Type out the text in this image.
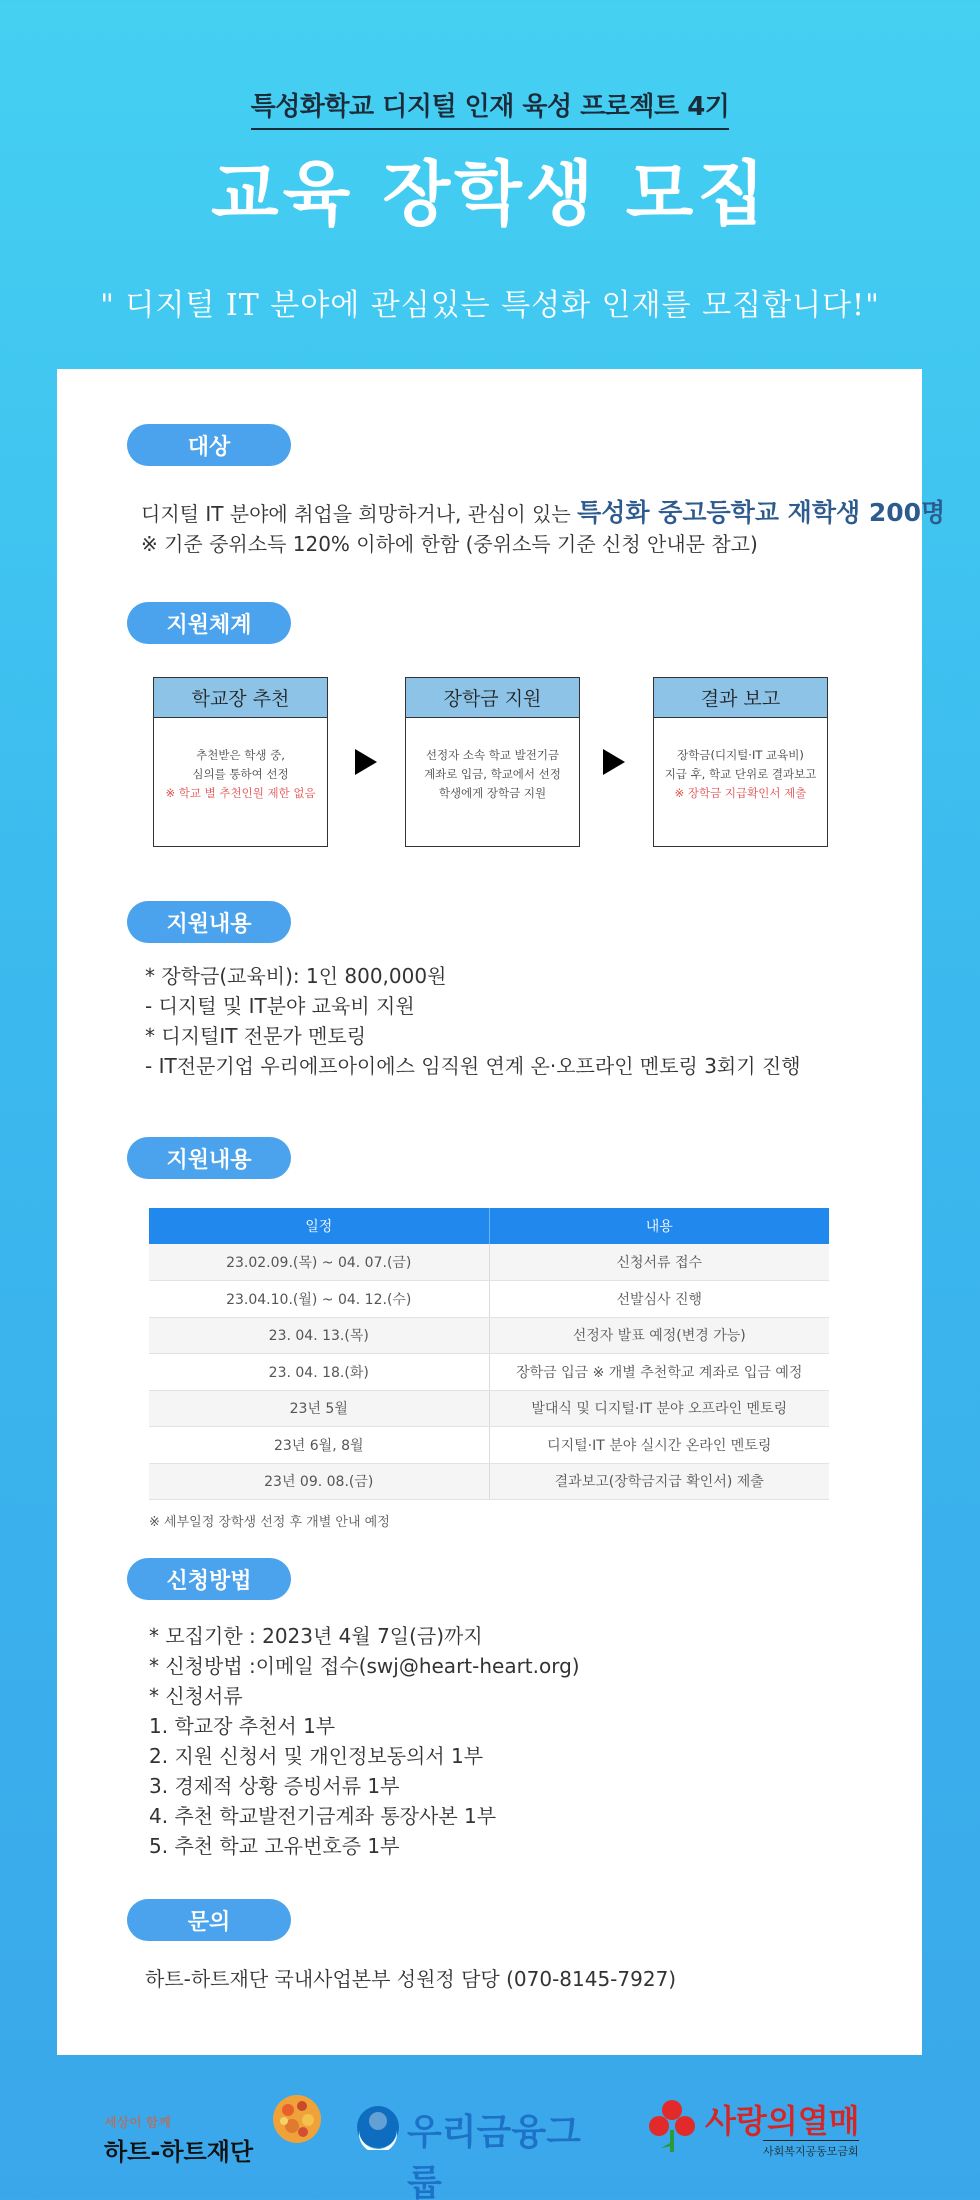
특성화학교 디지털 인재 육성 프로젝트 4기
교육 장학생 모집
" 디지털 IT 분야에 관심있는 특성화 인재를 모집합니다!"
대상
디지털 IT 분야에 취업을 희망하거나, 관심이 있는 특성화 중고등학교 재학생 200명
※ 기준 중위소득 120% 이하에 한함 (중위소득 기준 신청 안내문 참고)
지원체계
학교장 추천
추천받은 학생 중,
심의를 통하여 선정
※ 학교 별 추천인원 제한 없음
장학금 지원
선정자 소속 학교 발전기금
계좌로 입금, 학교에서 선정
학생에게 장학금 지원
결과 보고
장학금(디지털·IT 교육비)
지급 후, 학교 단위로 결과보고
※ 장학금 지급확인서 제출
지원내용
* 장학금(교육비): 1인 800,000원
- 디지털 및 IT분야 교육비 지원
* 디지털IT 전문가 멘토링
- IT전문기업 우리에프아이에스 임직원 연계 온·오프라인 멘토링 3회기 진행
지원내용
일정	내용
23.02.09.(목) ~ 04. 07.(금)	신청서류 접수
23.04.10.(월) ~ 04. 12.(수)	선발심사 진행
23. 04. 13.(목)	선정자 발표 예정(변경 가능)
23. 04. 18.(화)	장학금 입금 ※ 개별 추천학교 계좌로 입금 예정
23년 5월	발대식 및 디지털·IT 분야 오프라인 멘토링
23년 6월, 8월	디지털·IT 분야 실시간 온라인 멘토링
23년 09. 08.(금)	결과보고(장학금지급 확인서) 제출
※ 세부일정 장학생 선정 후 개별 안내 예정
신청방법
* 모집기한 : 2023년 4월 7일(금)까지
* 신청방법 :이메일 접수(swj@heart-heart.org)
* 신청서류
1. 학교장 추천서 1부
2. 지원 신청서 및 개인정보동의서 1부
3. 경제적 상황 증빙서류 1부
4. 추천 학교발전기금계좌 통장사본 1부
5. 추천 학교 고유번호증 1부
문의
하트-하트재단 국내사업본부 성원정 담당 (070-8145-7927)
세상이 함께
하트-하트재단	우리금융그룹
사랑의열매
사회복지공동모금회
